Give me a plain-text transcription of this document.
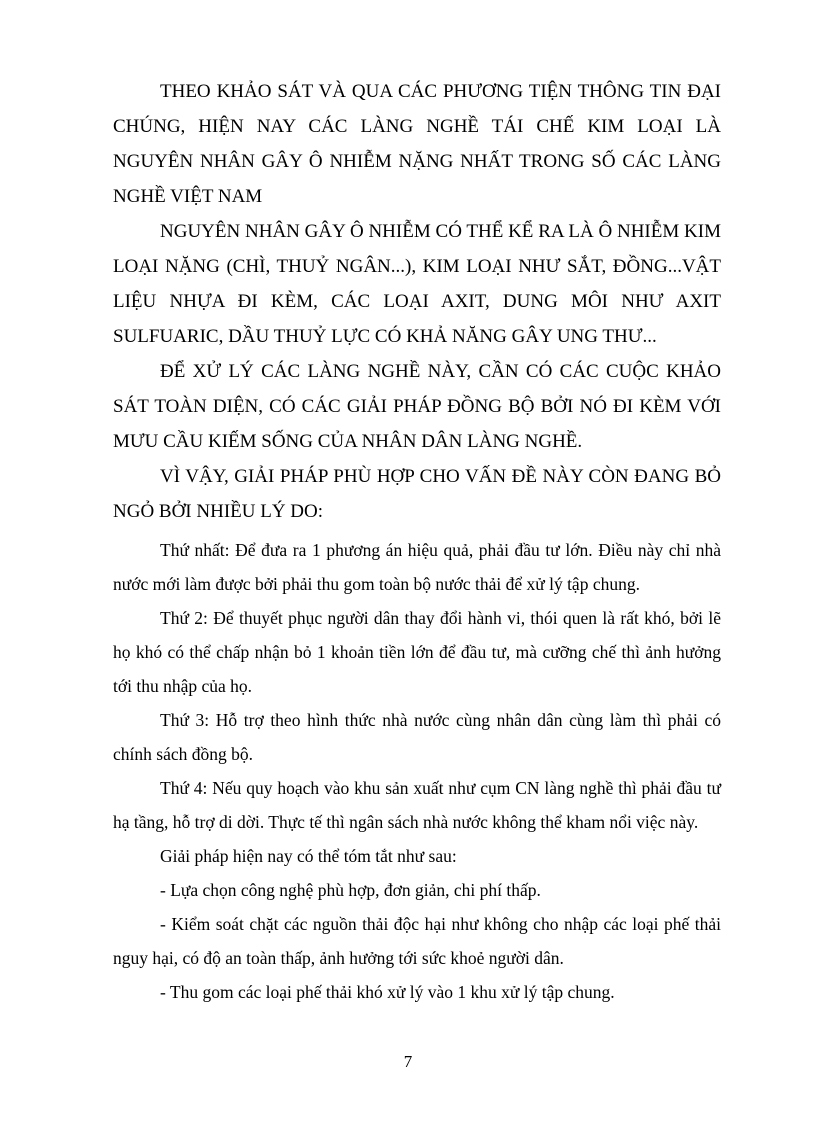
THEO KHẢO SÁT VÀ QUA CÁC PHƯƠNG TIỆN THÔNG TIN ĐẠI CHÚNG, HIỆN NAY CÁC LÀNG NGHỀ TÁI CHẾ KIM LOẠI LÀ NGUYÊN NHÂN GÂY Ô NHIỄM NẶNG NHẤT TRONG SỐ CÁC LÀNG NGHỀ VIỆT NAM

NGUYÊN NHÂN GÂY Ô NHIỄM CÓ THỂ KỂ RA LÀ Ô NHIỄM KIM LOẠI NẶNG (CHÌ, THUỶ NGÂN...), KIM LOẠI NHƯ SẮT, ĐỒNG...VẬT LIỆU NHỰA ĐI KÈM, CÁC LOẠI AXIT, DUNG MÔI NHƯ AXIT SULFUARIC, DẦU THUỶ LỰC CÓ KHẢ NĂNG GÂY UNG THƯ...

ĐỂ XỬ LÝ CÁC LÀNG NGHỀ NÀY, CẦN CÓ CÁC CUỘC KHẢO SÁT TOÀN DIỆN, CÓ CÁC GIẢI PHÁP ĐỒNG BỘ BỞI NÓ ĐI KÈM VỚI MƯU CẦU KIẾM SỐNG CỦA NHÂN DÂN LÀNG NGHỀ.

VÌ VẬY, GIẢI PHÁP PHÙ HỢP CHO VẤN ĐỀ NÀY CÒN ĐANG BỎ NGỎ BỞI NHIỀU LÝ DO:

Thứ nhất: Để đưa ra 1 phương án hiệu quả, phải đầu tư lớn. Điều này chỉ nhà nước mới làm được bởi phải thu gom toàn bộ nước thải để xử lý tập chung.

Thứ 2: Để thuyết phục người dân thay đổi hành vi, thói quen là rất khó, bởi lẽ họ khó có thể chấp nhận bỏ 1 khoản tiền lớn để đầu tư, mà cưỡng chế thì ảnh hưởng tới thu nhập của họ.

Thứ 3: Hỗ trợ theo hình thức nhà nước cùng nhân dân cùng làm thì phải có chính sách đồng bộ.

Thứ 4: Nếu quy hoạch vào khu sản xuất như cụm CN làng nghề thì phải đầu tư hạ tầng, hỗ trợ di dời. Thực tế thì ngân sách nhà nước không thể kham nổi việc này.

Giải pháp hiện nay có thể tóm tắt như sau:

- Lựa chọn công nghệ phù hợp, đơn giản, chi phí thấp.

- Kiểm soát chặt các nguồn thải độc hại như không cho nhập các loại phế thải nguy hại, có độ an toàn thấp, ảnh hưởng tới sức khoẻ người dân.

- Thu gom các loại phế thải khó xử lý vào 1 khu xử lý tập chung.

7
